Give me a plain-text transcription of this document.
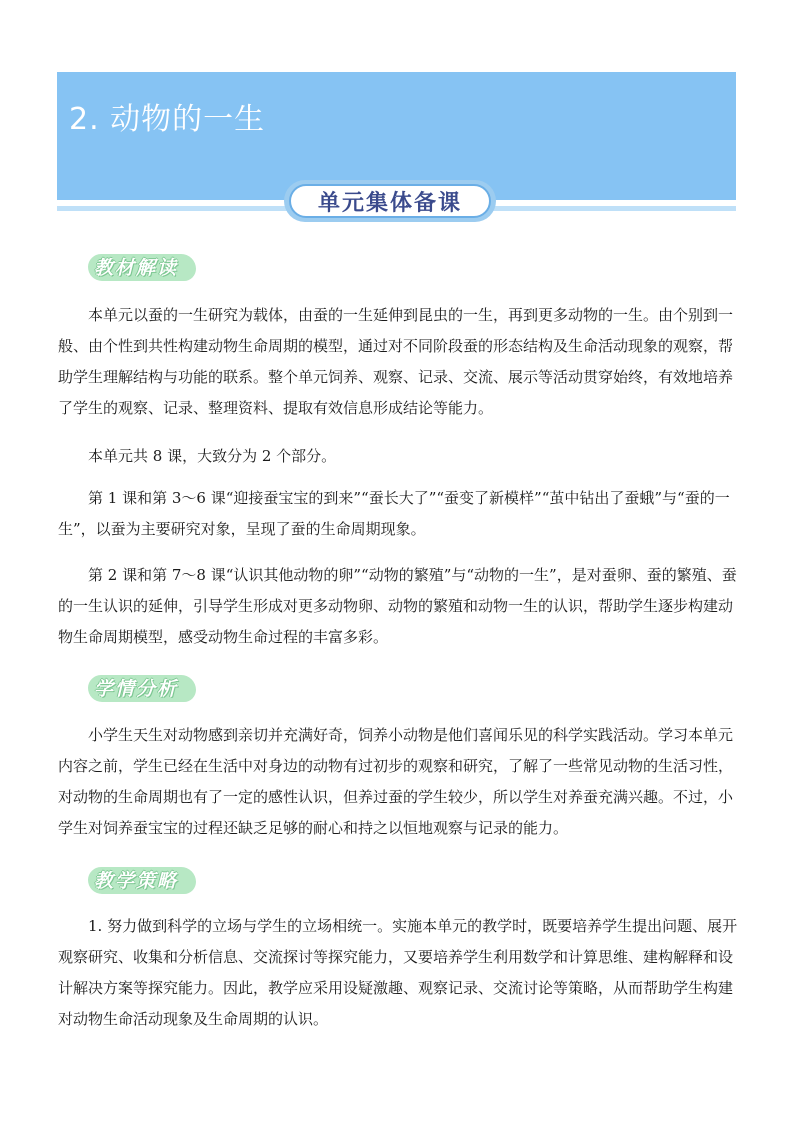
2. 动物的一生
单元集体备课
教材解读

本单元以蚕的一生研究为载体，由蚕的一生延伸到昆虫的一生，再到更多动物的一生。由个别到一般、由个性到共性构建动物生命周期的模型，通过对不同阶段蚕的形态结构及生命活动现象的观察，帮助学生理解结构与功能的联系。整个单元饲养、观察、记录、交流、展示等活动贯穿始终，有效地培养了学生的观察、记录、整理资料、提取有效信息形成结论等能力。

本单元共 8 课，大致分为 2 个部分。

第 1 课和第 3～6 课“迎接蚕宝宝的到来”“蚕长大了”“蚕变了新模样”“茧中钻出了蚕蛾”与“蚕的一生”，以蚕为主要研究对象，呈现了蚕的生命周期现象。

第 2 课和第 7～8 课“认识其他动物的卵”“动物的繁殖”与“动物的一生”，是对蚕卵、蚕的繁殖、蚕的一生认识的延伸，引导学生形成对更多动物卵、动物的繁殖和动物一生的认识，帮助学生逐步构建动物生命周期模型，感受动物生命过程的丰富多彩。

学情分析

小学生天生对动物感到亲切并充满好奇，饲养小动物是他们喜闻乐见的科学实践活动。学习本单元内容之前，学生已经在生活中对身边的动物有过初步的观察和研究，了解了一些常见动物的生活习性，对动物的生命周期也有了一定的感性认识，但养过蚕的学生较少，所以学生对养蚕充满兴趣。不过，小学生对饲养蚕宝宝的过程还缺乏足够的耐心和持之以恒地观察与记录的能力。

教学策略

1. 努力做到科学的立场与学生的立场相统一。实施本单元的教学时，既要培养学生提出问题、展开观察研究、收集和分析信息、交流探讨等探究能力，又要培养学生利用数学和计算思维、建构解释和设计解决方案等探究能力。因此，教学应采用设疑激趣、观察记录、交流讨论等策略，从而帮助学生构建对动物生命活动现象及生命周期的认识。
